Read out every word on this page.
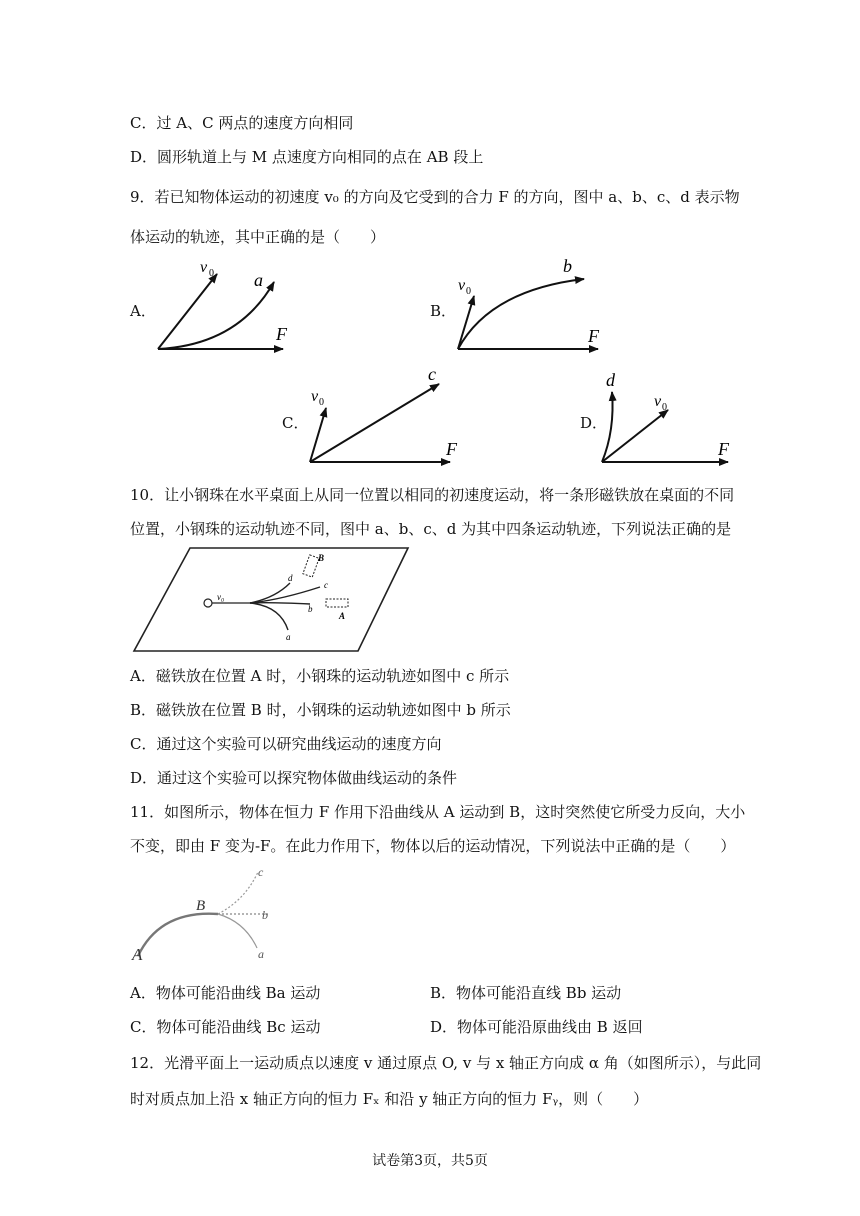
C．过 A、C 两点的速度方向相同
D．圆形轨道上与 M 点速度方向相同的点在 AB 段上
9．若已知物体运动的初速度 v₀ 的方向及它受到的合力 F 的方向，图中 a、b、c、d 表示物
体运动的轨迹，其中正确的是（　　）
A．	B．
C．	D．
v 0 a
F
v 0
b
F
v 0
c
F
v 0
d
F
10．让小钢珠在水平桌面上从同一位置以相同的初速度运动，将一条形磁铁放在桌面的不同
位置，小钢珠的运动轨迹不同，图中 a、b、c、d 为其中四条运动轨迹，下列说法正确的是
v₀
B
A
a
b
c
d
A．磁铁放在位置 A 时，小钢珠的运动轨迹如图中 c 所示
B．磁铁放在位置 B 时，小钢珠的运动轨迹如图中 b 所示
C．通过这个实验可以研究曲线运动的速度方向
D．通过这个实验可以探究物体做曲线运动的条件
11．如图所示，物体在恒力 F 作用下沿曲线从 A 运动到 B，这时突然使它所受力反向，大小
不变，即由 F 变为-F。在此力作用下，物体以后的运动情况，下列说法中正确的是（　　）
A
B
b
c
a
A．物体可能沿曲线 Ba 运动	B．物体可能沿直线 Bb 运动
C．物体可能沿曲线 Bc 运动	D．物体可能沿原曲线由 B 返回
12．光滑平面上一运动质点以速度 v 通过原点 O, v 与 x 轴正方向成 α 角（如图所示），与此同
时对质点加上沿 x 轴正方向的恒力 Fₓ 和沿 y 轴正方向的恒力 Fᵧ，则（　　）
试卷第3页，共5页
